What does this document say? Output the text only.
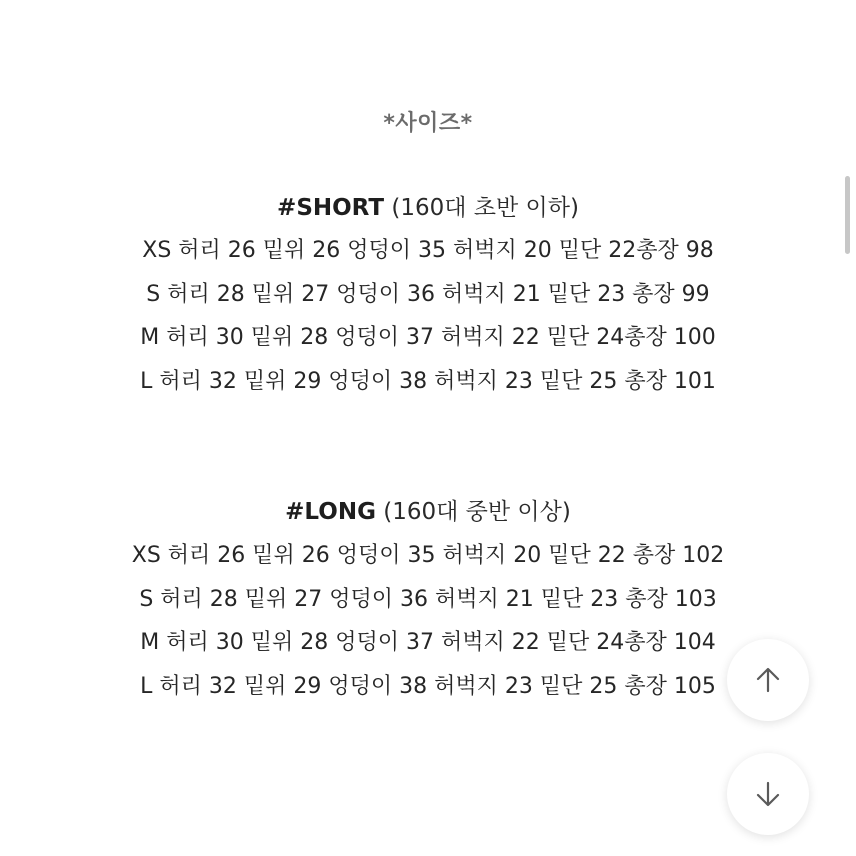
*사이즈*
#SHORT (160대 초반 이하)
XS 허리 26 밑위 26 엉덩이 35 허벅지 20 밑단 22총장 98
S 허리 28 밑위 27 엉덩이 36 허벅지 21 밑단 23 총장 99
M 허리 30 밑위 28 엉덩이 37 허벅지 22 밑단 24총장 100
L 허리 32 밑위 29 엉덩이 38 허벅지 23 밑단 25 총장 101
#LONG (160대 중반 이상)
XS 허리 26 밑위 26 엉덩이 35 허벅지 20 밑단 22 총장 102
S 허리 28 밑위 27 엉덩이 36 허벅지 21 밑단 23 총장 103
M 허리 30 밑위 28 엉덩이 37 허벅지 22 밑단 24총장 104
L 허리 32 밑위 29 엉덩이 38 허벅지 23 밑단 25 총장 105
